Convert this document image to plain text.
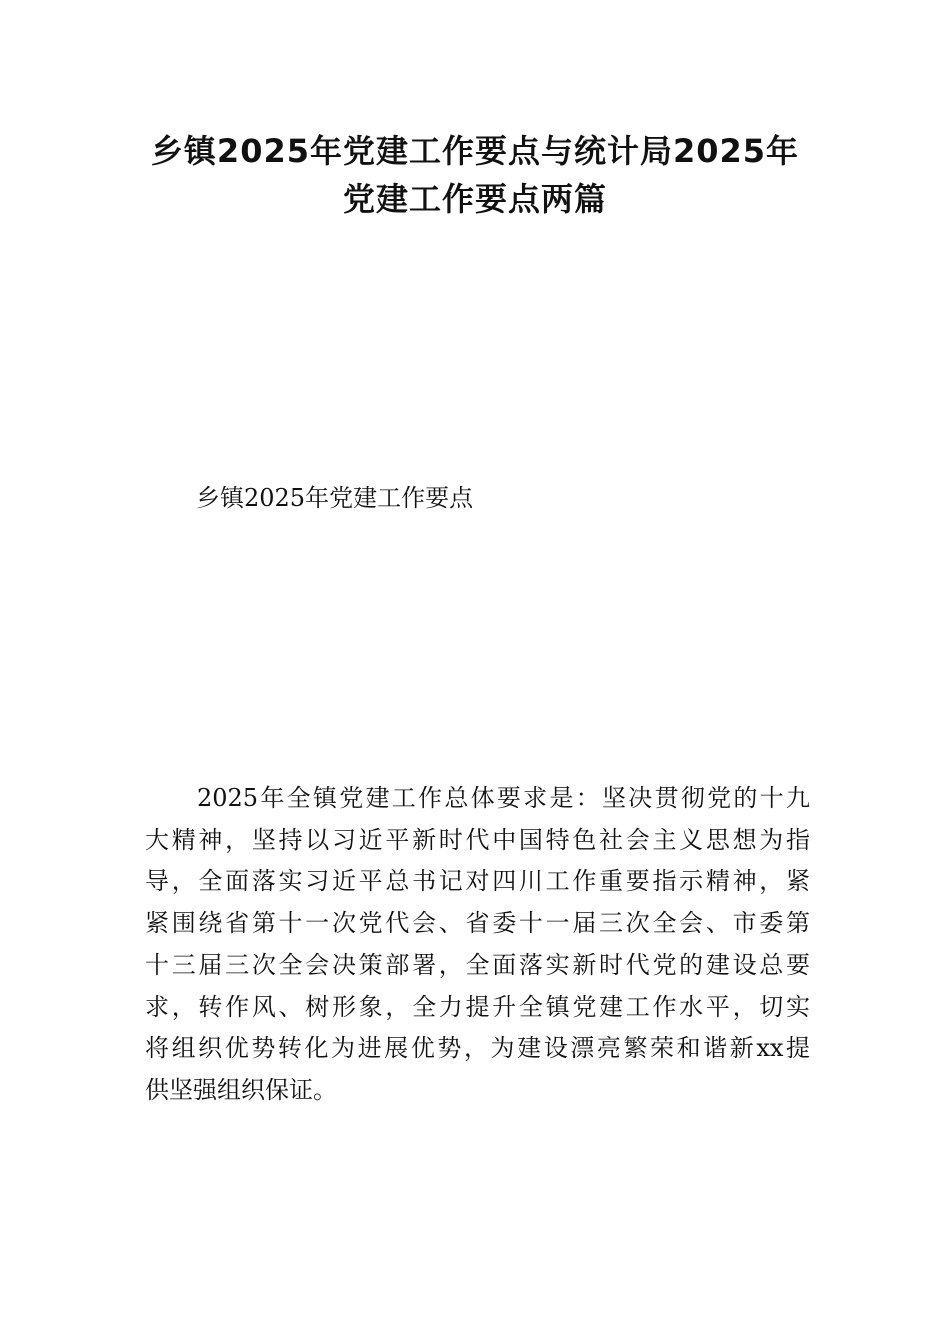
乡镇2025年党建工作要点与统计局2025年
党建工作要点两篇
乡镇2025年党建工作要点

2025年全镇党建工作总体要求是：坚决贯彻党的十九
大精神，坚持以习近平新时代中国特色社会主义思想为指
导，全面落实习近平总书记对四川工作重要指示精神，紧
紧围绕省第十一次党代会、省委十一届三次全会、市委第
十三届三次全会决策部署，全面落实新时代党的建设总要
求，转作风、树形象，全力提升全镇党建工作水平，切实
将组织优势转化为进展优势，为建设漂亮繁荣和谐新xx提
供坚强组织保证。
